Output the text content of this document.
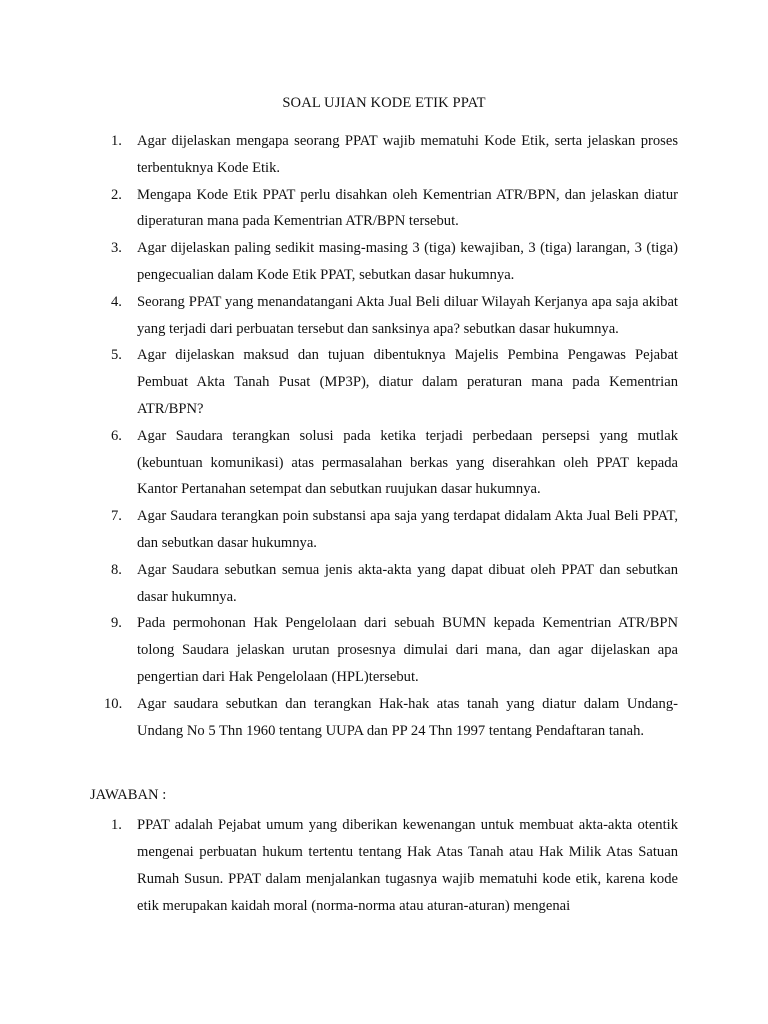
SOAL UJIAN KODE ETIK PPAT
1. Agar dijelaskan mengapa seorang PPAT wajib mematuhi Kode Etik, serta jelaskan proses terbentuknya Kode Etik.
2. Mengapa Kode Etik PPAT perlu disahkan oleh Kementrian ATR/BPN, dan jelaskan diatur diperaturan mana pada Kementrian ATR/BPN tersebut.
3. Agar dijelaskan paling sedikit masing-masing 3 (tiga) kewajiban, 3 (tiga) larangan, 3 (tiga) pengecualian dalam Kode Etik PPAT, sebutkan dasar hukumnya.
4. Seorang PPAT yang menandatangani Akta Jual Beli diluar Wilayah Kerjanya apa saja akibat yang terjadi dari perbuatan tersebut dan sanksinya apa? sebutkan dasar hukumnya.
5. Agar dijelaskan maksud dan tujuan dibentuknya Majelis Pembina Pengawas Pejabat Pembuat Akta Tanah Pusat (MP3P), diatur dalam peraturan mana pada Kementrian ATR/BPN?
6. Agar Saudara terangkan solusi pada ketika terjadi perbedaan persepsi yang mutlak (kebuntuan komunikasi) atas permasalahan berkas yang diserahkan oleh PPAT kepada Kantor Pertanahan setempat dan sebutkan ruujukan dasar hukumnya.
7. Agar Saudara terangkan poin substansi apa saja yang terdapat didalam Akta Jual Beli PPAT, dan sebutkan dasar hukumnya.
8. Agar Saudara sebutkan semua jenis akta-akta yang dapat dibuat oleh PPAT dan sebutkan dasar hukumnya.
9. Pada permohonan Hak Pengelolaan dari sebuah BUMN kepada Kementrian ATR/BPN tolong Saudara jelaskan urutan prosesnya dimulai dari mana, dan agar dijelaskan apa pengertian dari Hak Pengelolaan (HPL)tersebut.
10. Agar saudara sebutkan dan terangkan Hak-hak atas tanah yang diatur dalam Undang-Undang No 5 Thn 1960 tentang UUPA dan PP 24 Thn 1997 tentang Pendaftaran tanah.
JAWABAN :
1. PPAT adalah Pejabat umum yang diberikan kewenangan untuk membuat akta-akta otentik mengenai perbuatan hukum tertentu tentang Hak Atas Tanah atau Hak Milik Atas Satuan Rumah Susun. PPAT dalam menjalankan tugasnya wajib mematuhi kode etik, karena kode etik merupakan kaidah moral (norma-norma atau aturan-aturan) mengenai
